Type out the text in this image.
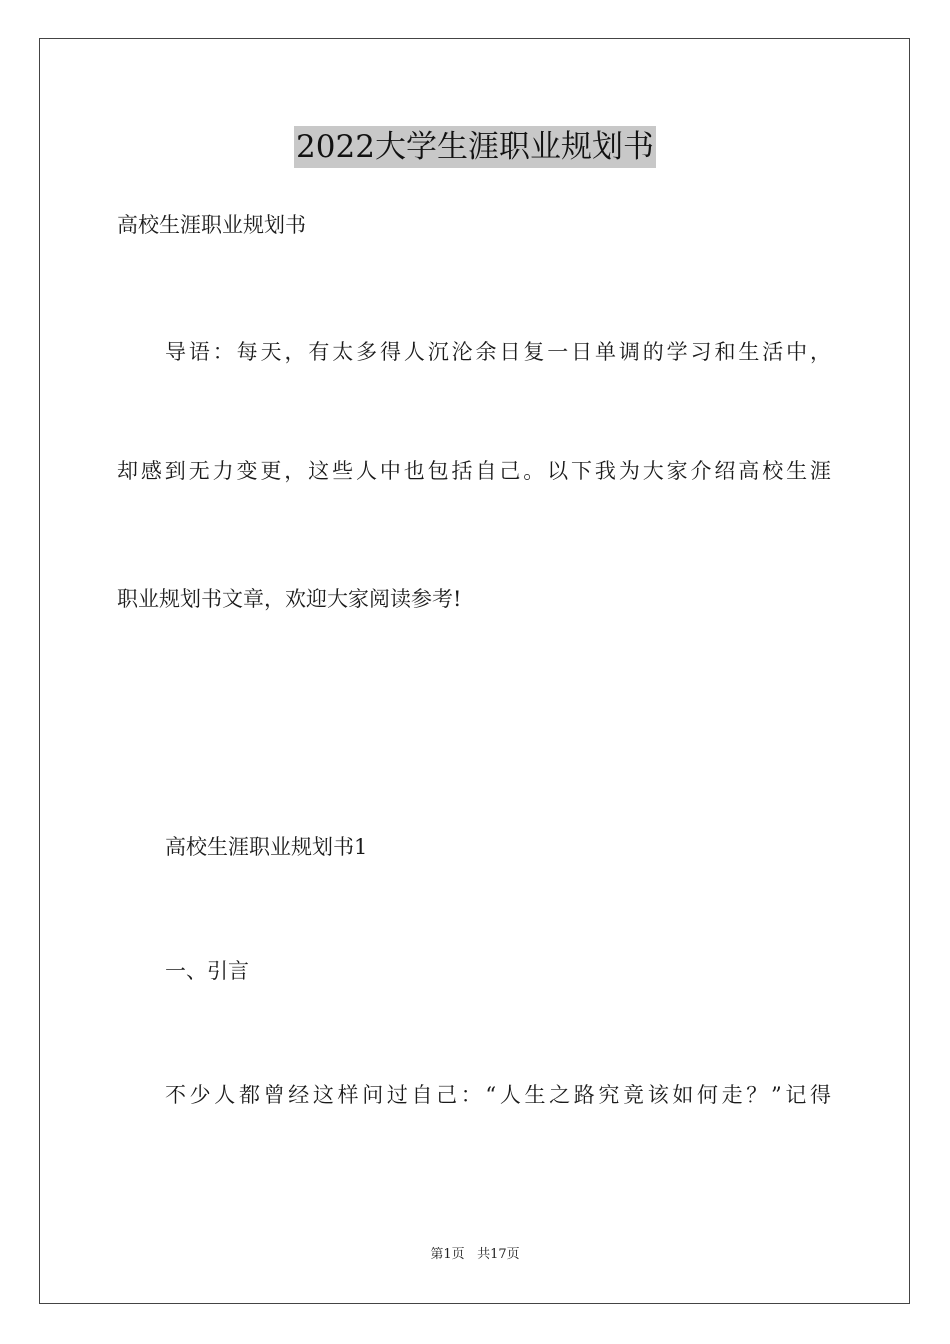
2022大学生涯职业规划书
高校生涯职业规划书
导语：每天，有太多得人沉沦余日复一日单调的学习和生活中，
却感到无力变更，这些人中也包括自己。以下我为大家介绍高校生涯
职业规划书文章，欢迎大家阅读参考!
高校生涯职业规划书1
一、引言
不少人都曾经这样问过自己：“人生之路究竟该如何走？”记得
第1页 共17页
